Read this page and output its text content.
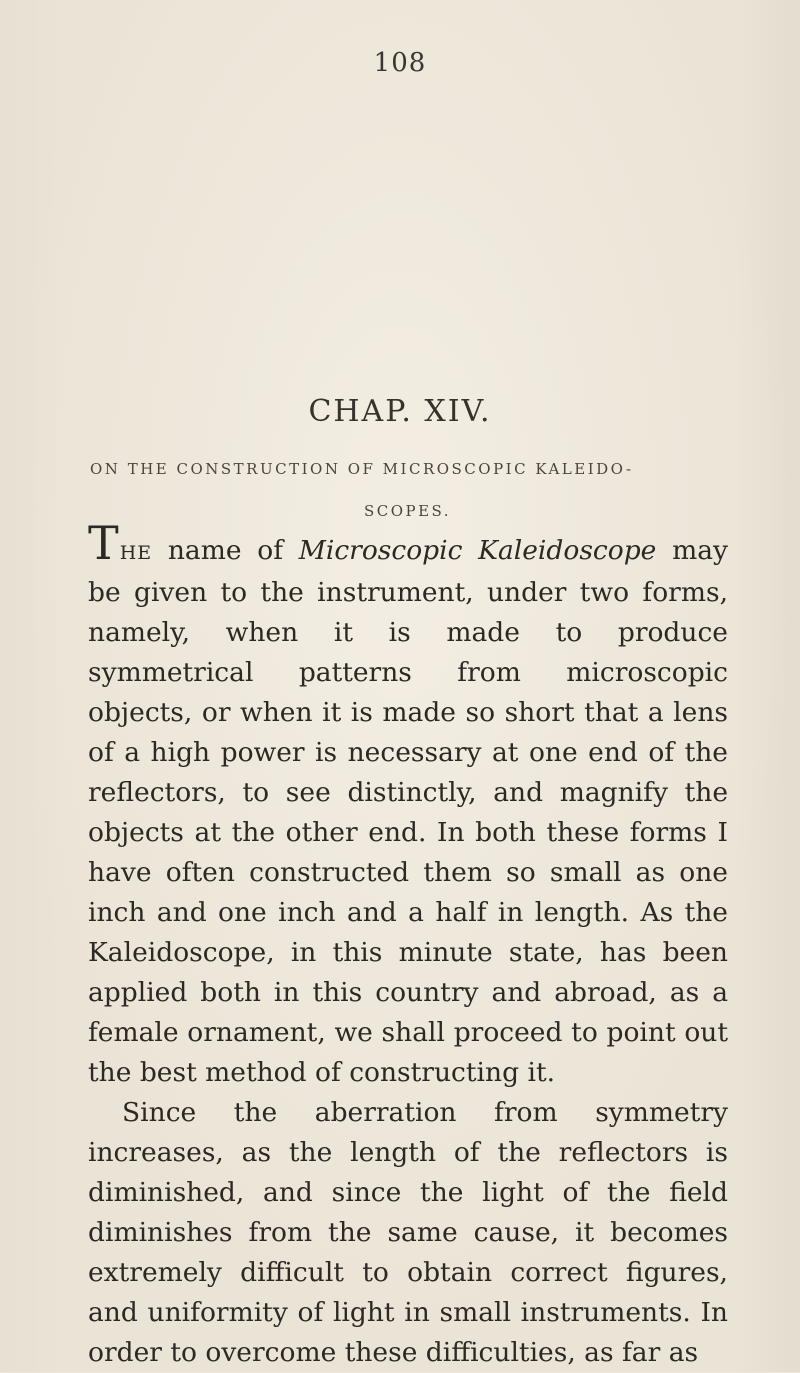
108
CHAP. XIV.
ON THE CONSTRUCTION OF MICROSCOPIC KALEIDO-
SCOPES.

THE name of Microscopic Kaleidoscope may be given to the instrument, under two forms, namely, when it is made to produce symmetrical patterns from microscopic objects, or when it is made so short that a lens of a high power is necessary at one end of the reflectors, to see distinctly, and magnify the objects at the other end. In both these forms I have often constructed them so small as one inch and one inch and a half in length. As the Kaleidoscope, in this minute state, has been applied both in this country and abroad, as a female ornament, we shall proceed to point out the best method of constructing it.

Since the aberration from symmetry increases, as the length of the reflectors is diminished, and since the light of the field diminishes from the same cause, it becomes extremely difficult to obtain correct figures, and uniformity of light in small instruments. In order to overcome these difficulties, as far as
